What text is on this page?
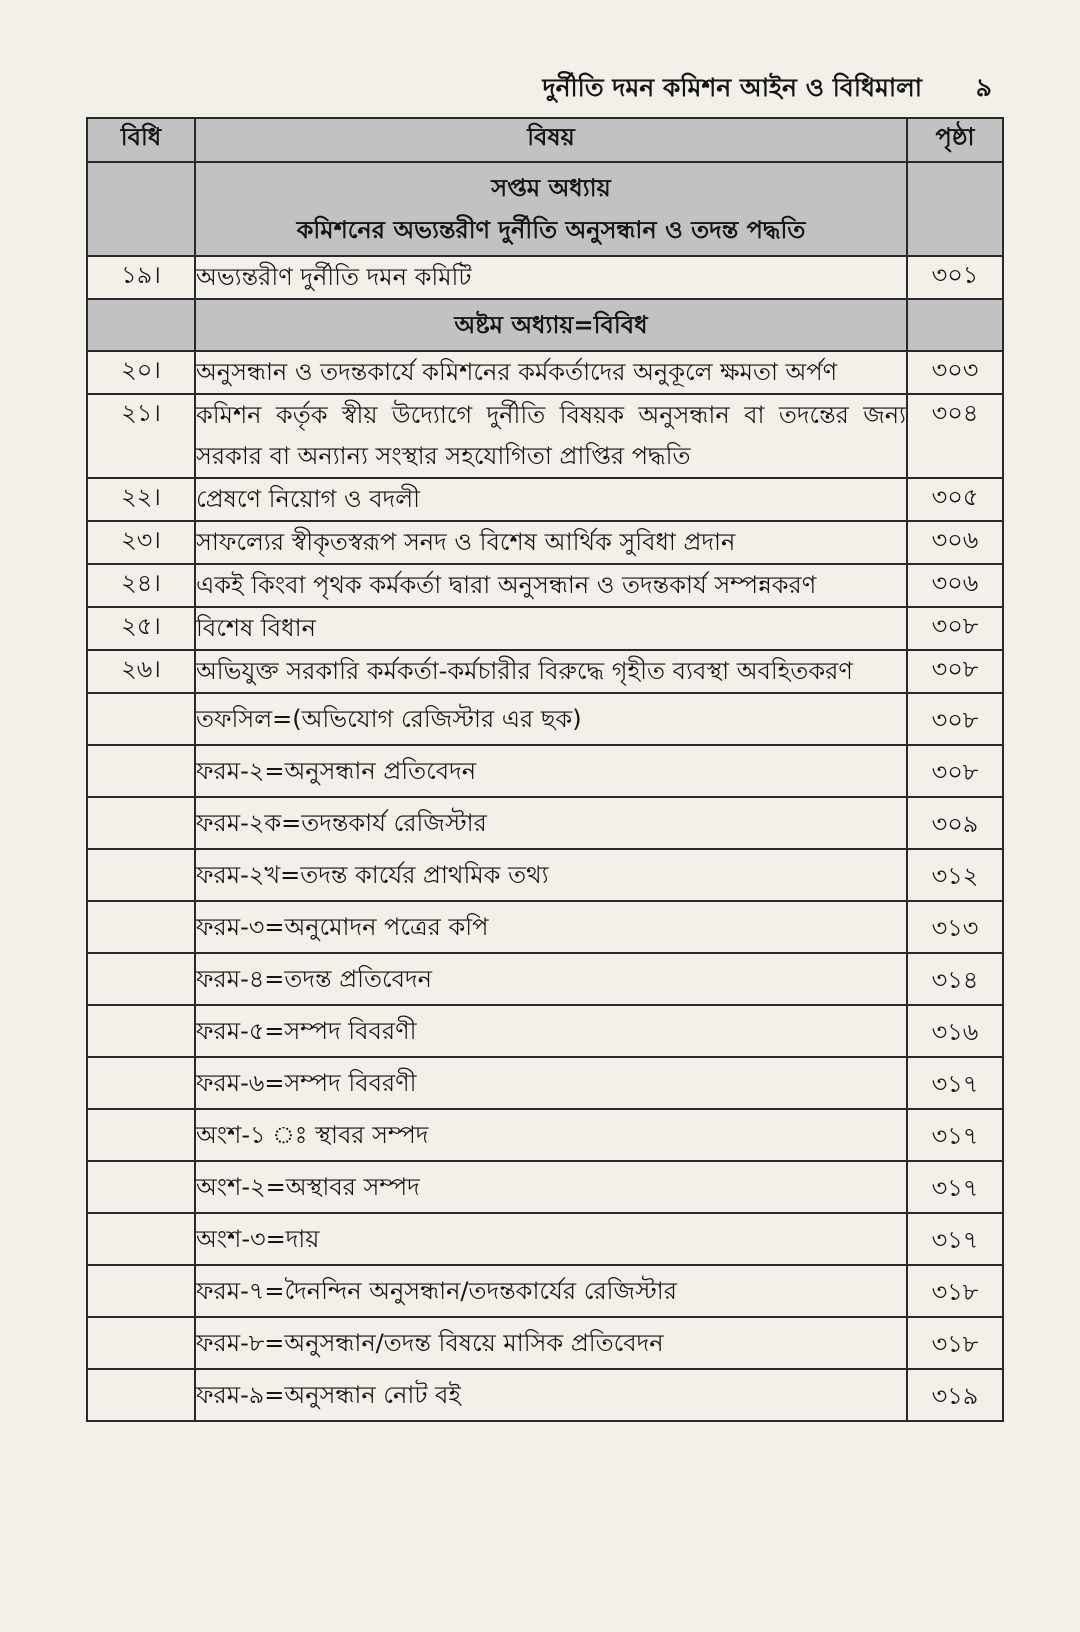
দুর্নীতি দমন কমিশন আইন ও বিধিমালা ৯
বিধি	বিষয়	পৃষ্ঠা

	সপ্তম অধ্যায়
কমিশনের অভ্যন্তরীণ দুর্নীতি অনুসন্ধান ও তদন্ত পদ্ধতি	

১৯।	অভ্যন্তরীণ দুর্নীতি দমন কমিটি	৩০১
	অষ্টম অধ্যায়=বিবিধ	
২০।	অনুসন্ধান ও তদন্তকার্যে কমিশনের কর্মকর্তাদের অনুকূলে ক্ষমতা অর্পণ	৩০৩
২১।	কমিশন কর্তৃক স্বীয় উদ্যোগে দুর্নীতি বিষয়ক অনুসন্ধান বা তদন্তের জন্য সরকার বা অন্যান্য সংস্থার সহযোগিতা প্রাপ্তির পদ্ধতি	৩০৪
২২।	প্রেষণে নিয়োগ ও বদলী	৩০৫
২৩।	সাফল্যের স্বীকৃতস্বরূপ সনদ ও বিশেষ আর্থিক সুবিধা প্রদান	৩০৬
২৪।	একই কিংবা পৃথক কর্মকর্তা দ্বারা অনুসন্ধান ও তদন্তকার্য সম্পন্নকরণ	৩০৬
২৫।	বিশেষ বিধান	৩০৮
২৬।	অভিযুক্ত সরকারি কর্মকর্তা-কর্মচারীর বিরুদ্ধে গৃহীত ব্যবস্থা অবহিতকরণ	৩০৮
	তফসিল=(অভিযোগ রেজিস্টার এর ছক)	৩০৮
	ফরম-২=অনুসন্ধান প্রতিবেদন	৩০৮
	ফরম-২ক=তদন্তকার্য রেজিস্টার	৩০৯
	ফরম-২খ=তদন্ত কার্যের প্রাথমিক তথ্য	৩১২
	ফরম-৩=অনুমোদন পত্রের কপি	৩১৩
	ফরম-৪=তদন্ত প্রতিবেদন	৩১৪
	ফরম-৫=সম্পদ বিবরণী	৩১৬
	ফরম-৬=সম্পদ বিবরণী	৩১৭
	অংশ-১ ঃ স্থাবর সম্পদ	৩১৭
	অংশ-২=অস্থাবর সম্পদ	৩১৭
	অংশ-৩=দায়	৩১৭
	ফরম-৭=দৈনন্দিন অনুসন্ধান/তদন্তকার্যের রেজিস্টার	৩১৮
	ফরম-৮=অনুসন্ধান/তদন্ত বিষয়ে মাসিক প্রতিবেদন	৩১৮
	ফরম-৯=অনুসন্ধান নোট বই	৩১৯
